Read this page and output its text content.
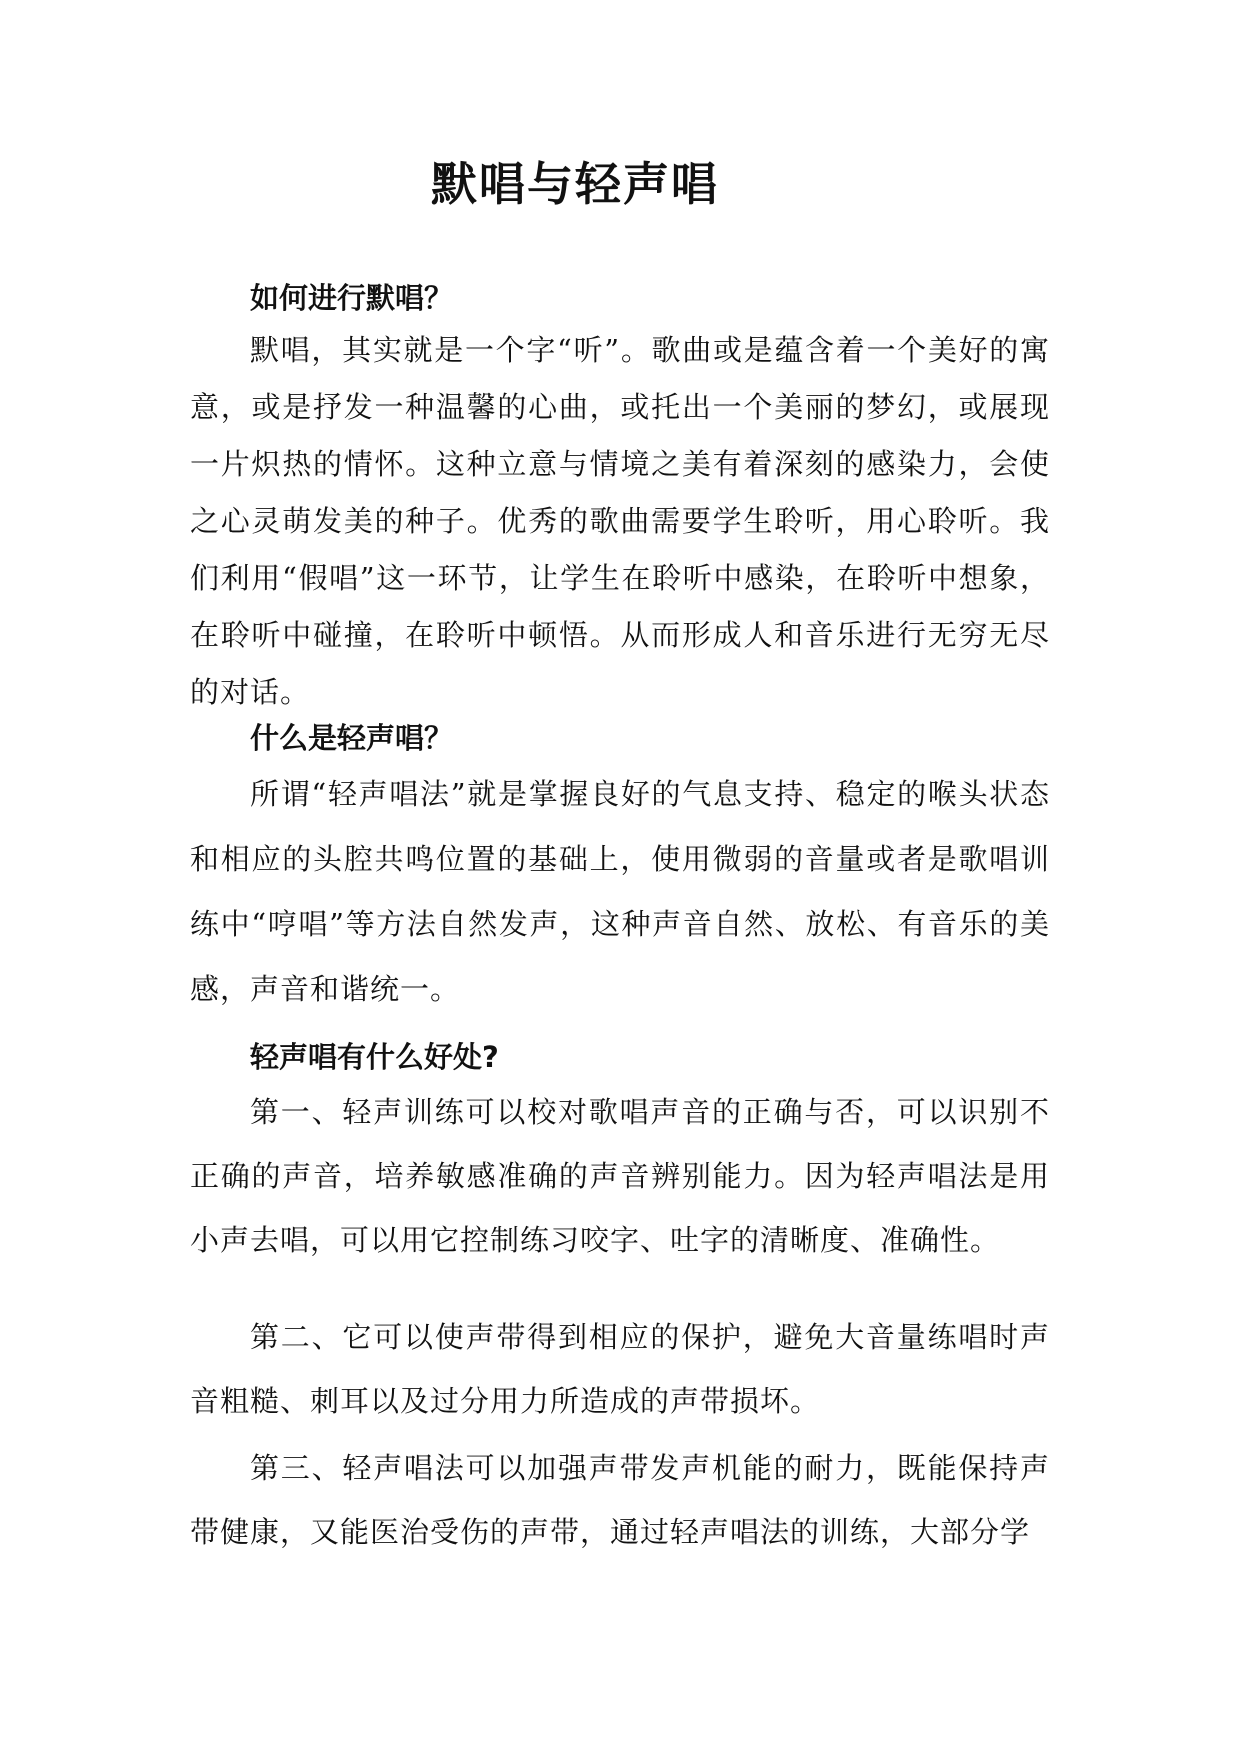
默唱与轻声唱
如何进行默唱？

默唱，其实就是一个字“听”。歌曲或是蕴含着一个美好的寓意，或是抒发一种温馨的心曲，或托出一个美丽的梦幻，或展现一片炽热的情怀。这种立意与情境之美有着深刻的感染力，会使之心灵萌发美的种子。优秀的歌曲需要学生聆听，用心聆听。我们利用“假唱”这一环节，让学生在聆听中感染，在聆听中想象，在聆听中碰撞，在聆听中顿悟。从而形成人和音乐进行无穷无尽的对话。

什么是轻声唱？

所谓“轻声唱法”就是掌握良好的气息支持、稳定的喉头状态和相应的头腔共鸣位置的基础上，使用微弱的音量或者是歌唱训练中“哼唱”等方法自然发声，这种声音自然、放松、有音乐的美感，声音和谐统一。

轻声唱有什么好处?

第一、轻声训练可以校对歌唱声音的正确与否，可以识别不正确的声音，培养敏感准确的声音辨别能力。因为轻声唱法是用小声去唱，可以用它控制练习咬字、吐字的清晰度、准确性。

第二、它可以使声带得到相应的保护，避免大音量练唱时声音粗糙、刺耳以及过分用力所造成的声带损坏。

第三、轻声唱法可以加强声带发声机能的耐力，既能保持声带健康，又能医治受伤的声带，通过轻声唱法的训练，大部分学
